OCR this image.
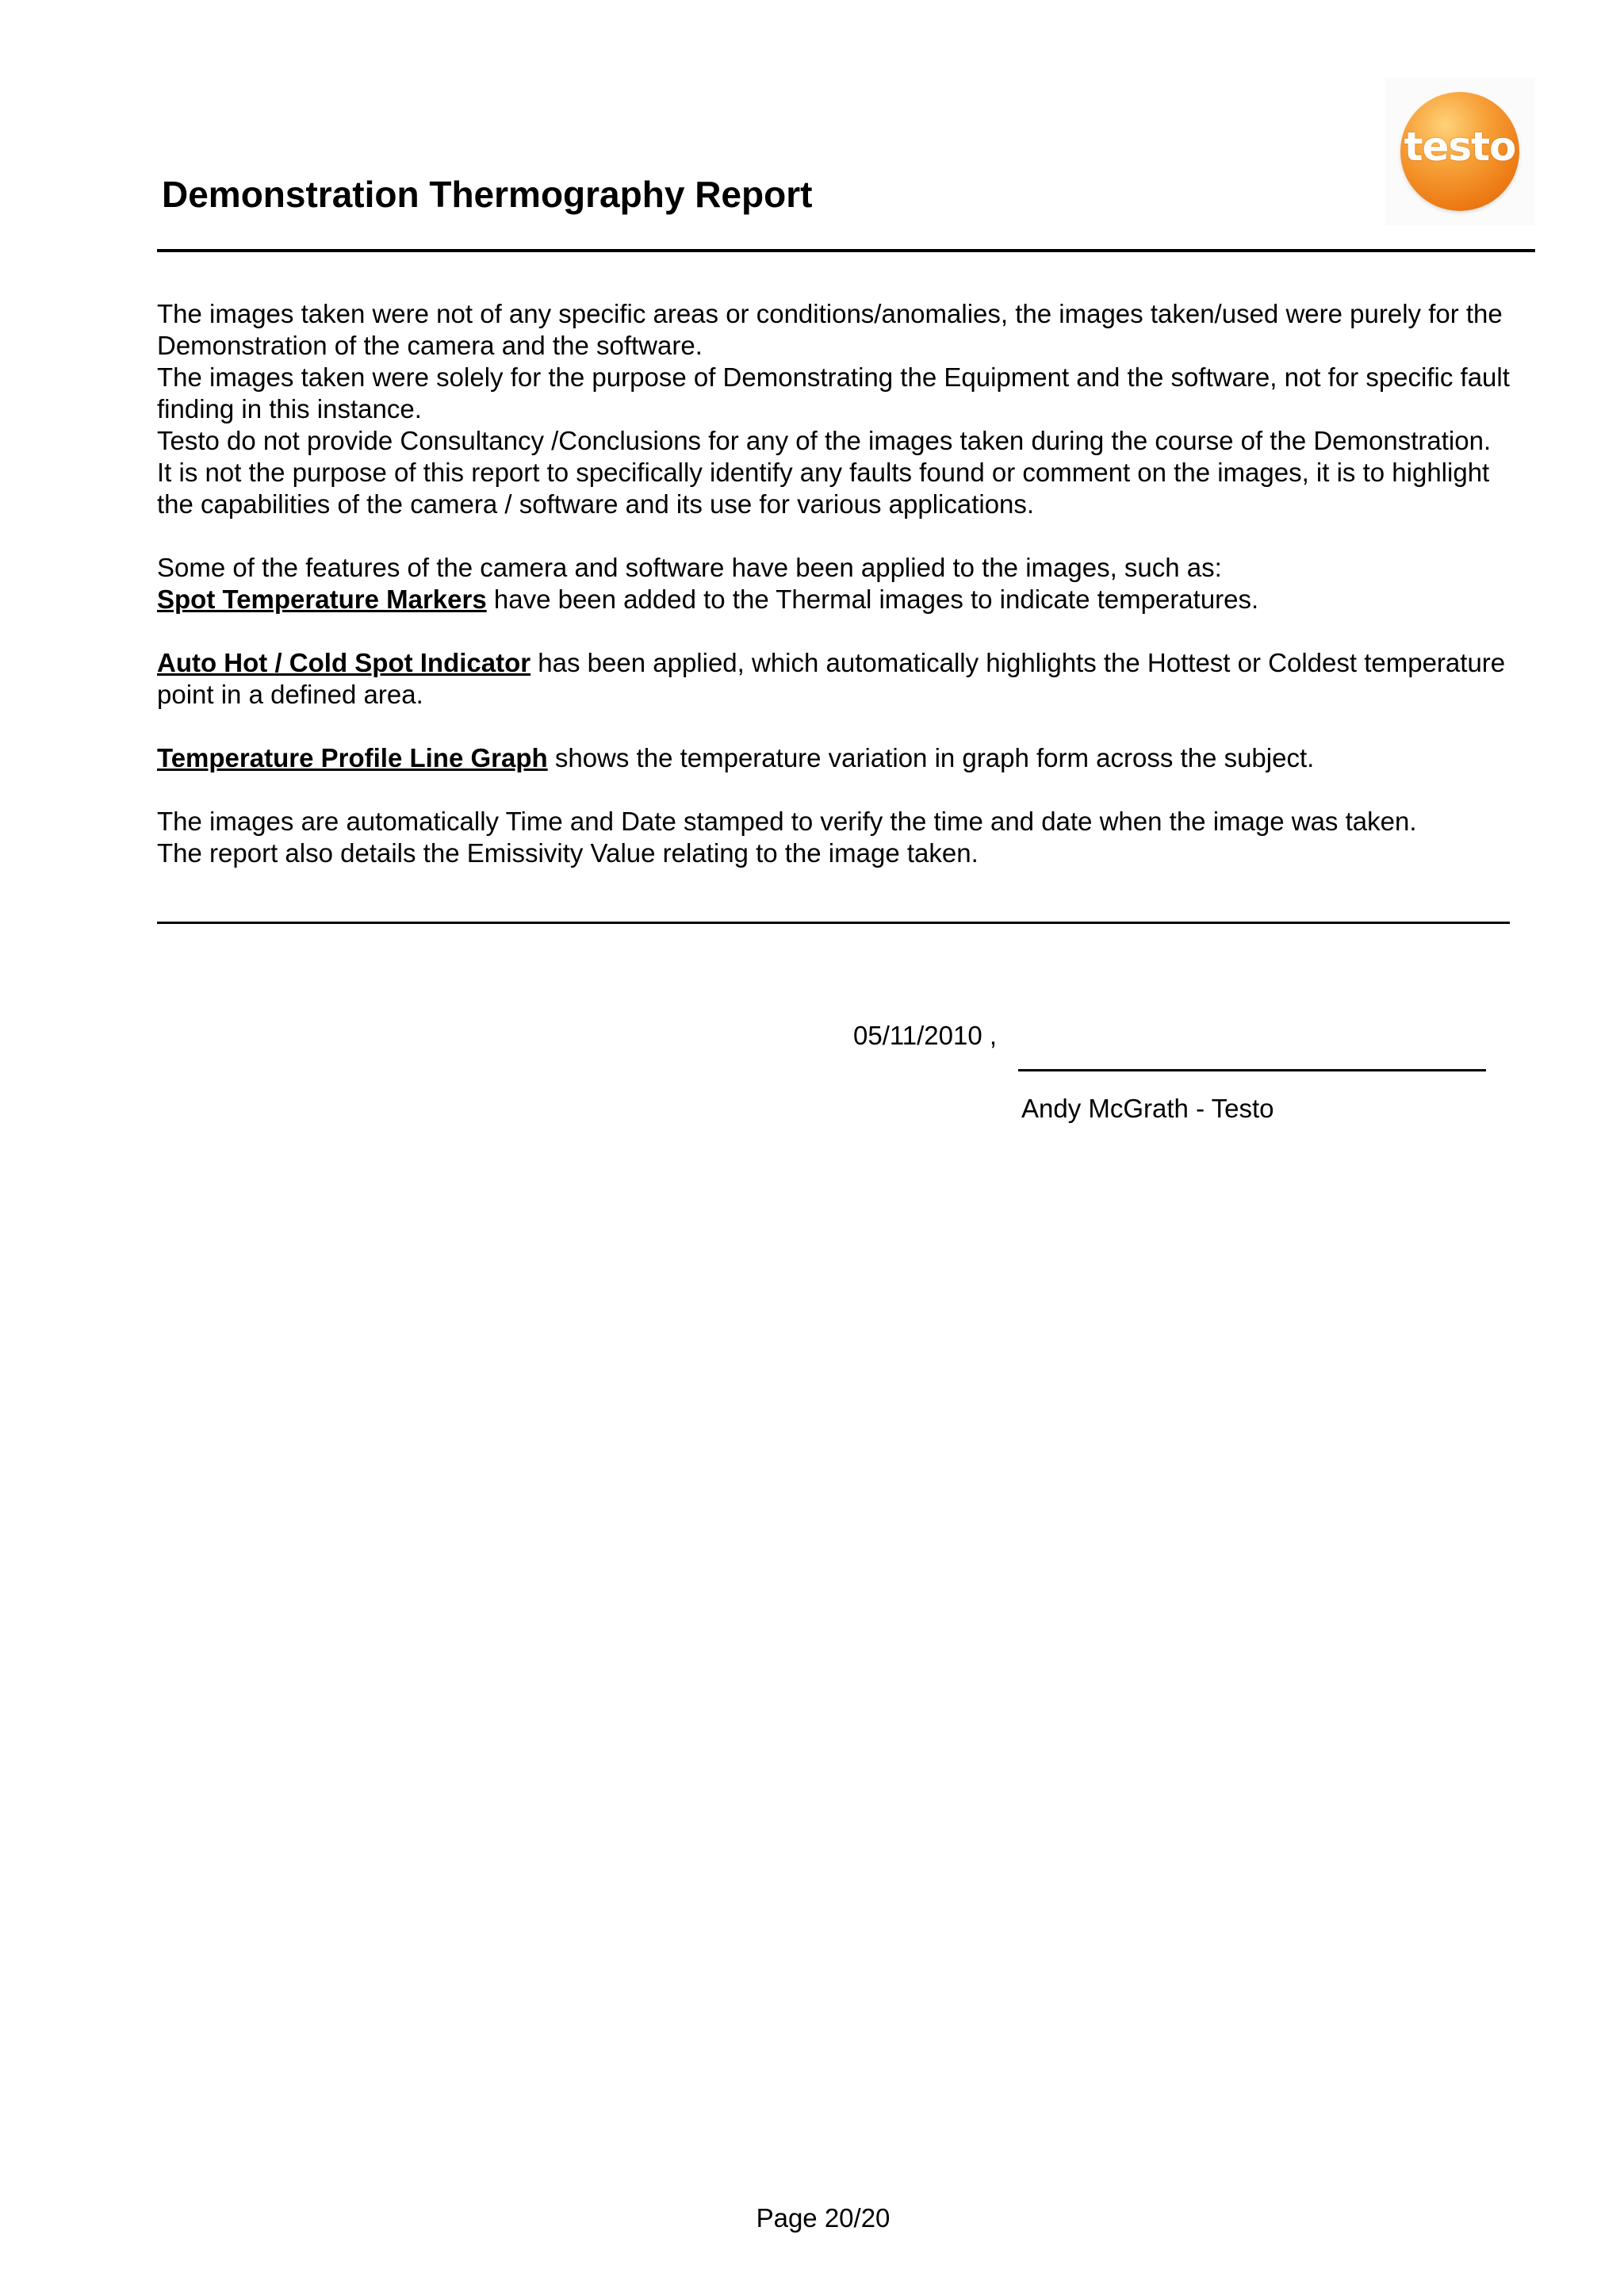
Demonstration Thermography Report
testo

The images taken were not of any specific areas or conditions/anomalies, the images taken/used were purely for the Demonstration of the camera and the software.

The images taken were solely for the purpose of Demonstrating the Equipment and the software, not for specific fault finding in this instance.

Testo do not provide Consultancy /Conclusions for any of the images taken during the course of the Demonstration.

It is not the purpose of this report to specifically identify any faults found or comment on the images, it is to highlight the capabilities of the camera / software and its use for various applications.

Some of the features of the camera and software have been applied to the images, such as:

Spot Temperature Markers have been added to the Thermal images to indicate temperatures.

Auto Hot / Cold Spot Indicator has been applied, which automatically highlights the Hottest or Coldest temperature point in a defined area.

Temperature Profile Line Graph shows the temperature variation in graph form across the subject.

The images are automatically Time and Date stamped to verify the time and date when the image was taken.

The report also details the Emissivity Value relating to the image taken.

05/11/2010 ,
Andy McGrath - Testo
Page 20/20
